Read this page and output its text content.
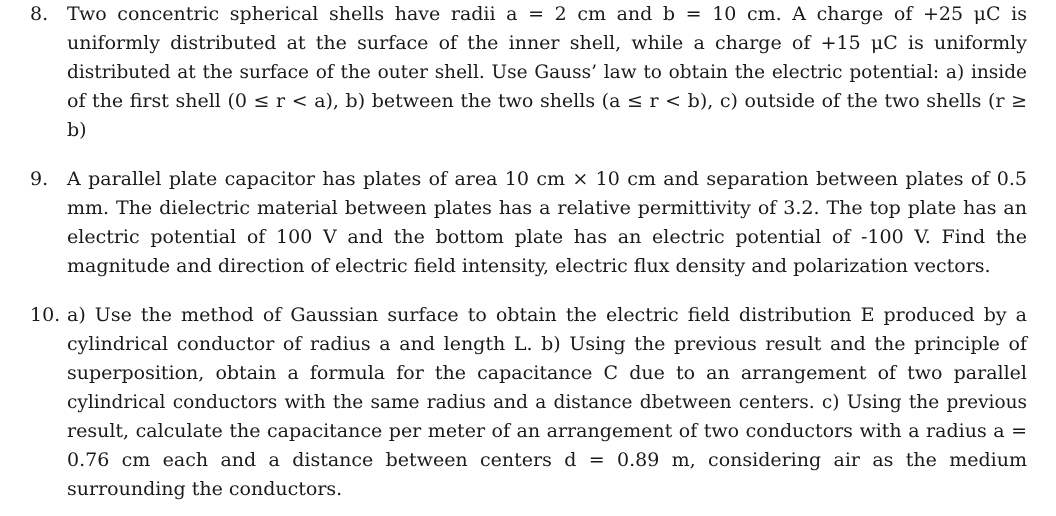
8. Two concentric spherical shells have radii a = 2 cm and b = 10 cm. A charge of +25 μC is
uniformly distributed at the surface of the inner shell, while a charge of +15 μC is uniformly
distributed at the surface of the outer shell. Use Gauss’ law to obtain the electric potential: a) inside
of the first shell (0 ≤ r < a), b) between the two shells (a ≤ r < b), c) outside of the two shells (r ≥
b)
9. A parallel plate capacitor has plates of area 10 cm × 10 cm and separation between plates of 0.5
mm. The dielectric material between plates has a relative permittivity of 3.2. The top plate has an
electric potential of 100 V and the bottom plate has an electric potential of -100 V. Find the
magnitude and direction of electric field intensity, electric flux density and polarization vectors.
10. a) Use the method of Gaussian surface to obtain the electric field distribution E produced by a
cylindrical conductor of radius a and length L. b) Using the previous result and the principle of
superposition, obtain a formula for the capacitance C due to an arrangement of two parallel
cylindrical conductors with the same radius and a distance dbetween centers. c) Using the previous
result, calculate the capacitance per meter of an arrangement of two conductors with a radius a =
0.76 cm each and a distance between centers d = 0.89 m, considering air as the medium
surrounding the conductors.
